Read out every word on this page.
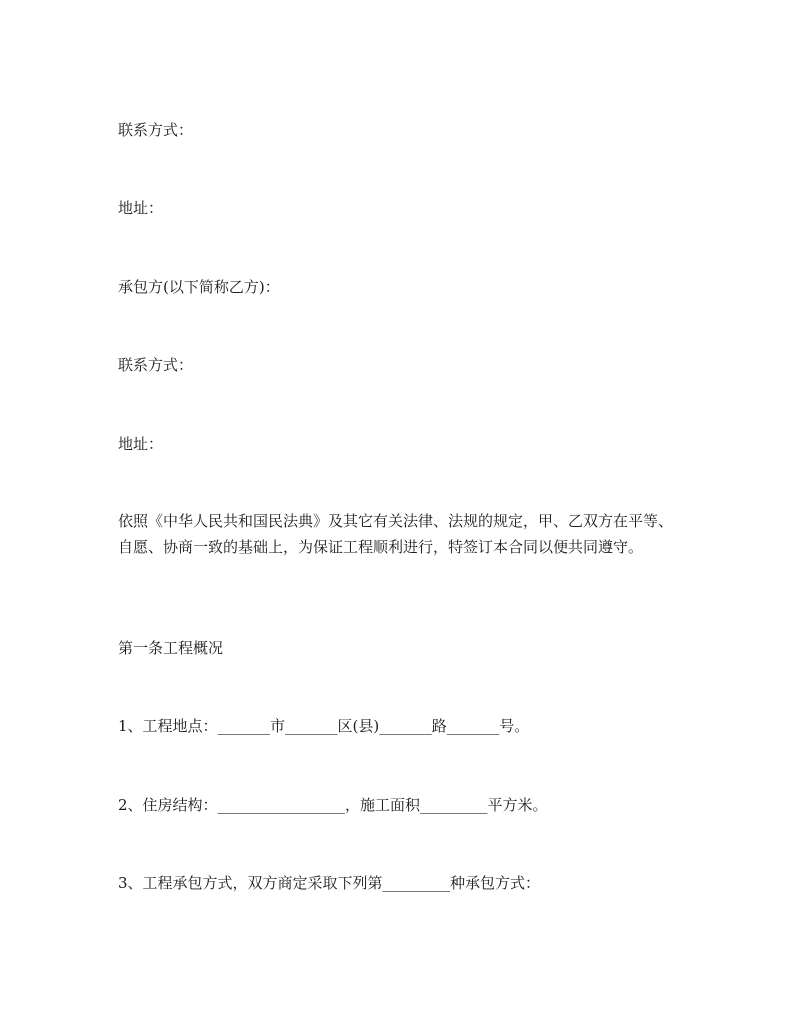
联系方式：
地址：
承包方(以下简称乙方)：
联系方式：
地址：
依照《中华人民共和国民法典》及其它有关法律、法规的规定，甲、乙双方在平等、自愿、协商一致的基础上，为保证工程顺利进行，特签订本合同以便共同遵守。
第一条工程概况
1、工程地点：_______市_______区(县)_______路_______号。
2、住房结构：_________________，施工面积_________平方米。
3、工程承包方式，双方商定采取下列第_________种承包方式：
